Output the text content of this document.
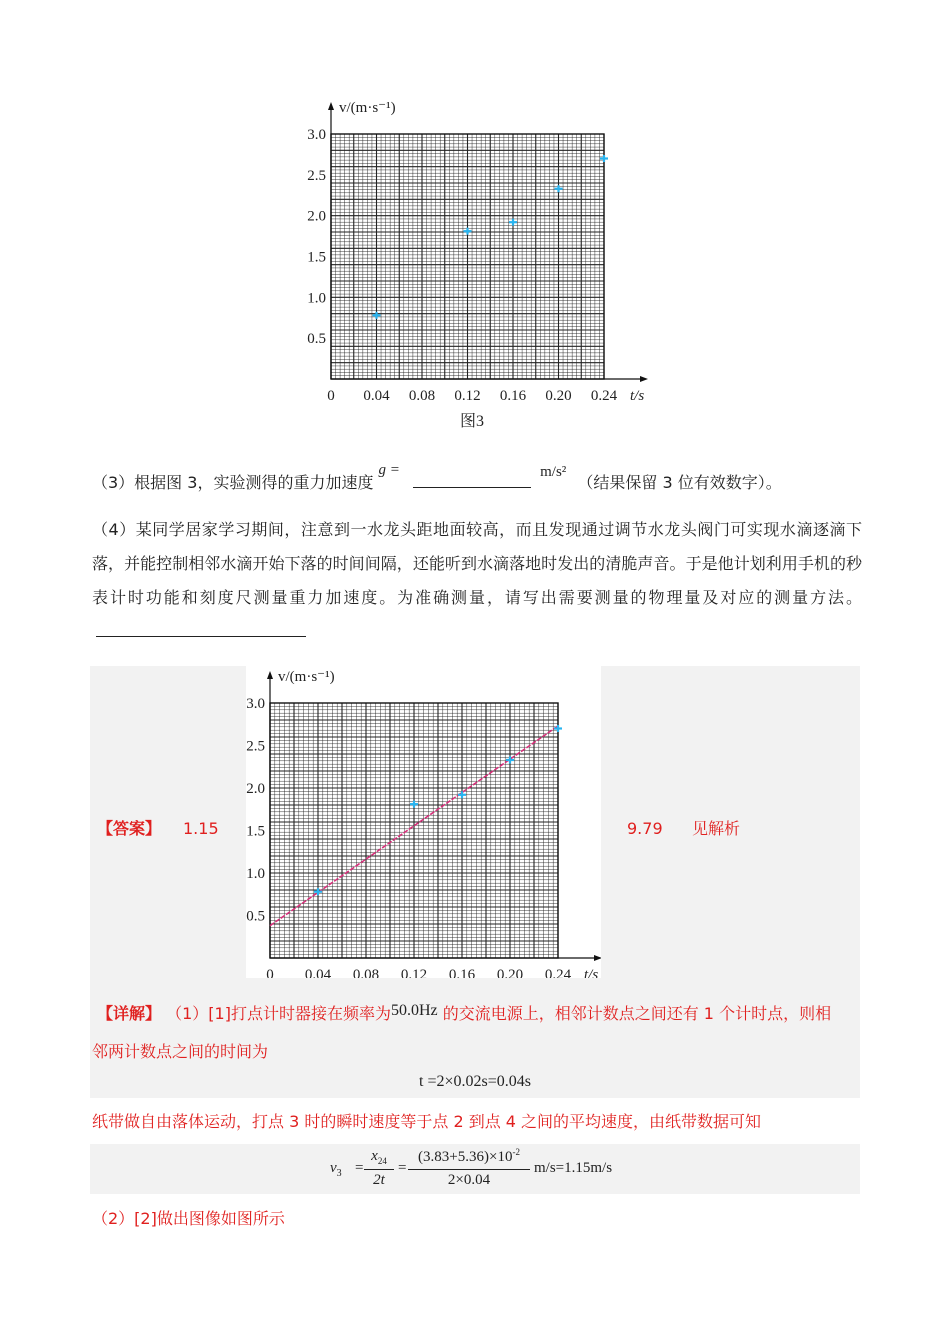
0 0.04 0.08 0.12 0.16 0.20 0.24
0.5
1.0
1.5
2.0
2.5
3.0
t/s
v/(m·s⁻¹)
图3
（3）根据图 3，实验测得的重力加速度 g =	m/s² （结果保留 3 位有效数字）。
（4）某同学居家学习期间，注意到一水龙头距地面较高，而且发现通过调节水龙头阀门可实现水滴逐滴下落，并能控制相邻水滴开始下落的时间间隔，还能听到水滴落地时发出的清脆声音。于是他计划利用手机的秒表计时功能和刻度尺测量重力加速度。为准确测量，请写出需要测量的物理量及对应的测量方法。
【答案】 1.15	9.79 见解析
0 0.04 0.08 0.12 0.16 0.20 0.24
0.5
1.0
1.5
2.0
2.5
3.0
t/s
v/(m·s⁻¹)
【详解】 （1）[1]打点计时器接在频率为50.0Hz 的交流电源上，相邻计数点之间还有 1 个计时点，则相
邻两计数点之间的时间为
t =2×0.02s=0.04s
纸带做自由落体运动，打点 3 时的瞬时速度等于点 2 到点 4 之间的平均速度，由纸带数据可知
$v_3$ =
$x_{24}$
2t
=
$(3.83+5.36)\times 10^{-2}$
2×0.04
m/s=1.15m/s
（2）[2]做出图像如图所示
